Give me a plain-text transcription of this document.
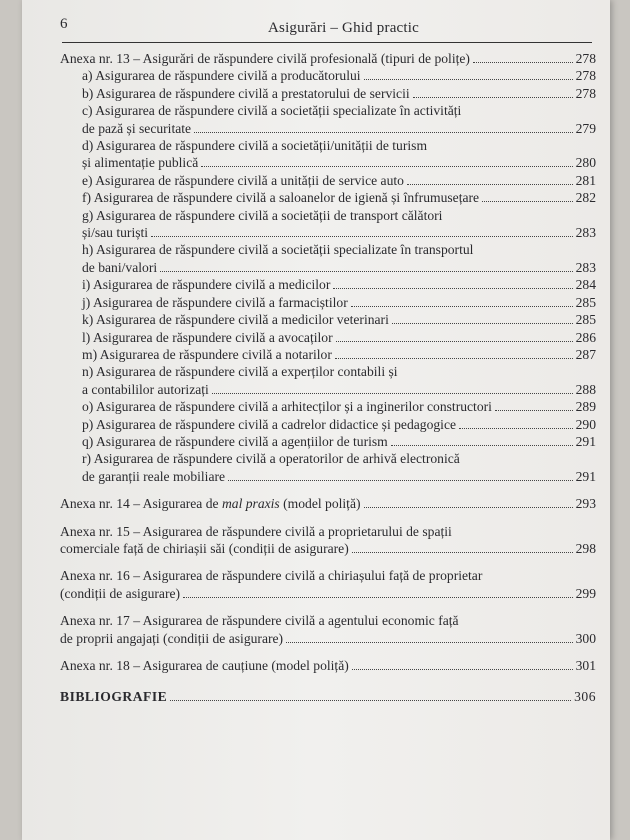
6	Asigurări – Ghid practic
Anexa nr. 13 – Asigurări de răspundere civilă profesională (tipuri de polițe)	278
a) Asigurarea de răspundere civilă a producătorului	278
b) Asigurarea de răspundere civilă a prestatorului de servicii	278
c) Asigurarea de răspundere civilă a societății specializate în activități
de pază și securitate	279
d) Asigurarea de răspundere civilă a societății/unității de turism
și alimentație publică	280
e) Asigurarea de răspundere civilă a unității de service auto	281
f) Asigurarea de răspundere civilă a saloanelor de igienă și înfrumusețare	282
g) Asigurarea de răspundere civilă a societății de transport călători
și/sau turiști	283
h) Asigurarea de răspundere civilă a societății specializate în transportul
de bani/valori	283
i) Asigurarea de răspundere civilă a medicilor	284
j) Asigurarea de răspundere civilă a farmaciștilor	285
k) Asigurarea de răspundere civilă a medicilor veterinari	285
l) Asigurarea de răspundere civilă a avocaților	286
m) Asigurarea de răspundere civilă a notarilor	287
n) Asigurarea de răspundere civilă a experților contabili și
a contabililor autorizați	288
o) Asigurarea de răspundere civilă a arhitecților și a inginerilor constructori	289
p) Asigurarea de răspundere civilă a cadrelor didactice și pedagogice	290
q) Asigurarea de răspundere civilă a agențiilor de turism	291
r) Asigurarea de răspundere civilă a operatorilor de arhivă electronică
de garanții reale mobiliare	291
Anexa nr. 14 – Asigurarea de mal praxis (model poliță)	293
Anexa nr. 15 – Asigurarea de răspundere civilă a proprietarului de spații
comerciale față de chiriașii săi (condiții de asigurare)	298
Anexa nr. 16 – Asigurarea de răspundere civilă a chiriașului față de proprietar
(condiții de asigurare)	299
Anexa nr. 17 – Asigurarea de răspundere civilă a agentului economic față
de proprii angajați (condiții de asigurare)	300
Anexa nr. 18 – Asigurarea de cauțiune (model poliță)	301
BIBLIOGRAFIE	306
